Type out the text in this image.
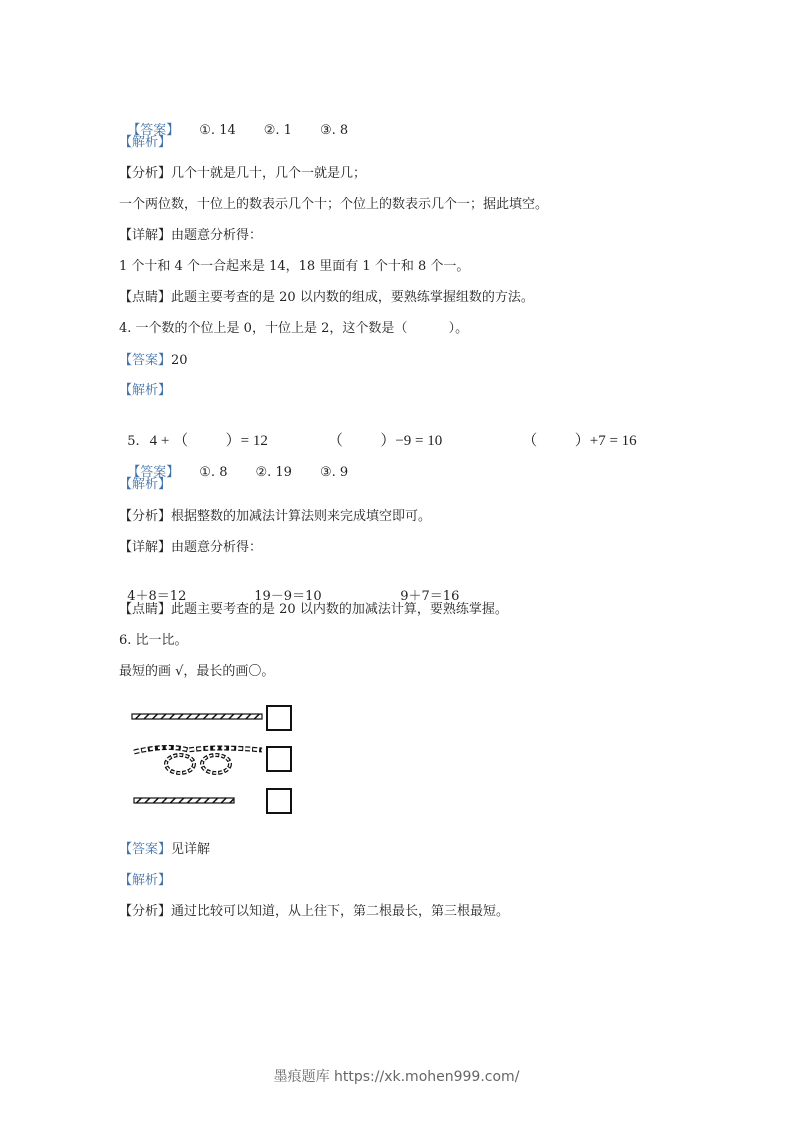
【答案】 ①. 14 ②. 1 ③. 8

【解析】
【分析】几个十就是几十，几个一就是几；
一个两位数，十位上的数表示几个十；个位上的数表示几个一；据此填空。
【详解】由题意分析得：
1 个十和 4 个一合起来是 14，18 里面有 1 个十和 8 个一。
【点睛】此题主要考查的是 20 以内数的组成，要熟练掌握组数的方法。
4. 一个数的个位上是 0，十位上是 2，这个数是（          ）。
【答案】20
【解析】

5. 4 + （          ）= 12	（          ）−9 = 10	（          ）+7 = 16

【答案】 ①. 8 ②. 19 ③. 9

【解析】
【分析】根据整数的加减法计算法则来完成填空即可。
【详解】由题意分析得：

4＋8＝12	19－9＝10	9＋7＝16

【点睛】此题主要考查的是 20 以内数的加减法计算，要熟练掌握。
6. 比一比。
最短的画 √，最长的画〇。
【答案】见详解
【解析】
【分析】通过比较可以知道，从上往下，第二根最长，第三根最短。
墨痕题库 https://xk.mohen999.com/
